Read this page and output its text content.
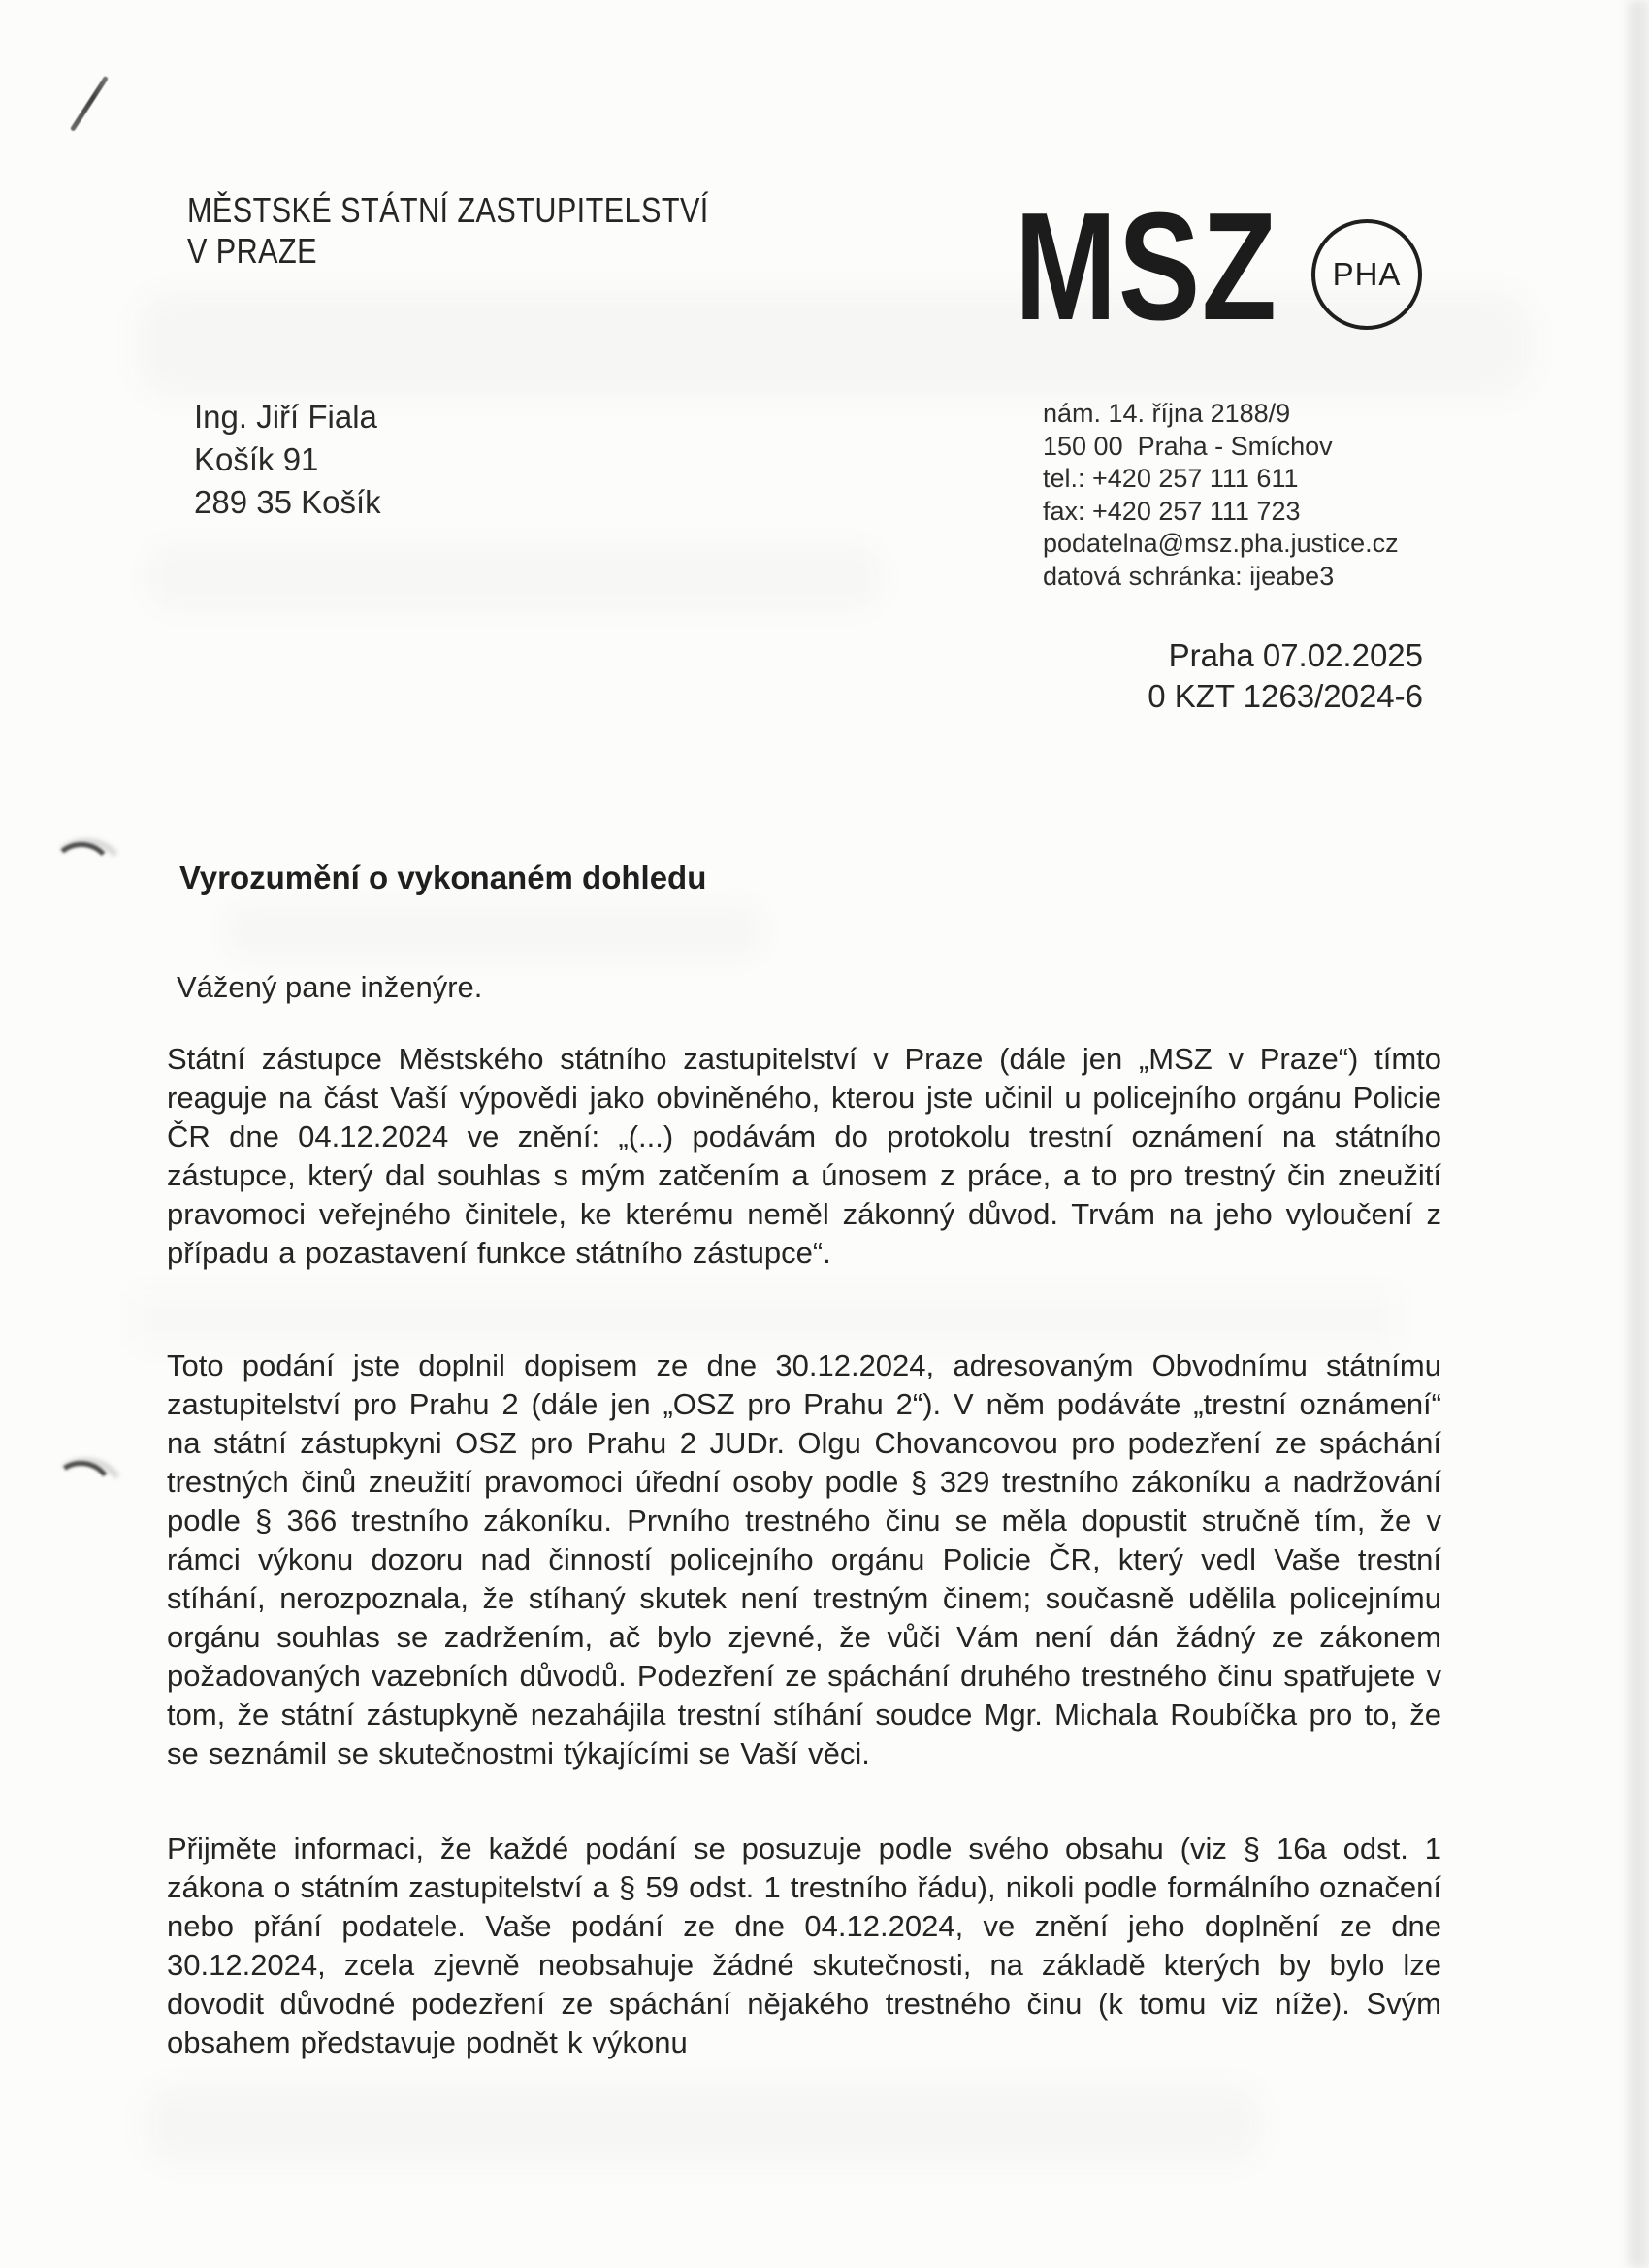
MĚSTSKÉ STÁTNÍ ZASTUPITELSTVÍ
V PRAZE	MSZ PHA
Ing. Jiří Fiala
Košík 91
289 35 Košík
nám. 14. října 2188/9
150 00  Praha - Smíchov
tel.: +420 257 111 611
fax: +420 257 111 723
podatelna@msz.pha.justice.cz
datová schránka: ijeabe3
Praha 07.02.2025
0 KZT 1263/2024-6
Vyrozumění o vykonaném dohledu
Vážený pane inženýre.

Státní zástupce Městského státního zastupitelství v Praze (dále jen „MSZ v Praze“) tímto reaguje na část Vaší výpovědi jako obviněného, kterou jste učinil u policejního orgánu Policie ČR dne 04.12.2024 ve znění: „(...) podávám do protokolu trestní oznámení na státního zástupce, který dal souhlas s mým zatčením a únosem z práce, a to pro trestný čin zneužití pravomoci veřejného činitele, ke kterému neměl zákonný důvod. Trvám na jeho vyloučení z případu a pozastavení funkce státního zástupce“.

Toto podání jste doplnil dopisem ze dne 30.12.2024, adresovaným Obvodnímu státnímu zastupitelství pro Prahu 2 (dále jen „OSZ pro Prahu 2“). V něm podáváte „trestní oznámení“ na státní zástupkyni OSZ pro Prahu 2 JUDr. Olgu Chovancovou pro podezření ze spáchání trestných činů zneužití pravomoci úřední osoby podle § 329 trestního zákoníku a nadržování podle § 366 trestního zákoníku. Prvního trestného činu se měla dopustit stručně tím, že v rámci výkonu dozoru nad činností policejního orgánu Policie ČR, který vedl Vaše trestní stíhání, nerozpoznala, že stíhaný skutek není trestným činem; současně udělila policejnímu orgánu souhlas se zadržením, ač bylo zjevné, že vůči Vám není dán žádný ze zákonem požadovaných vazebních důvodů. Podezření ze spáchání druhého trestného činu spatřujete v tom, že státní zástupkyně nezahájila trestní stíhání soudce Mgr. Michala Roubíčka pro to, že se seznámil se skutečnostmi týkajícími se Vaší věci.

Přijměte informaci, že každé podání se posuzuje podle svého obsahu (viz § 16a odst. 1 zákona o státním zastupitelství a § 59 odst. 1 trestního řádu), nikoli podle formálního označení nebo přání podatele. Vaše podání ze dne 04.12.2024, ve znění jeho doplnění ze dne 30.12.2024, zcela zjevně neobsahuje žádné skutečnosti, na základě kterých by bylo lze dovodit důvodné podezření ze spáchání nějakého trestného činu (k tomu viz níže). Svým obsahem představuje podnět k výkonu
